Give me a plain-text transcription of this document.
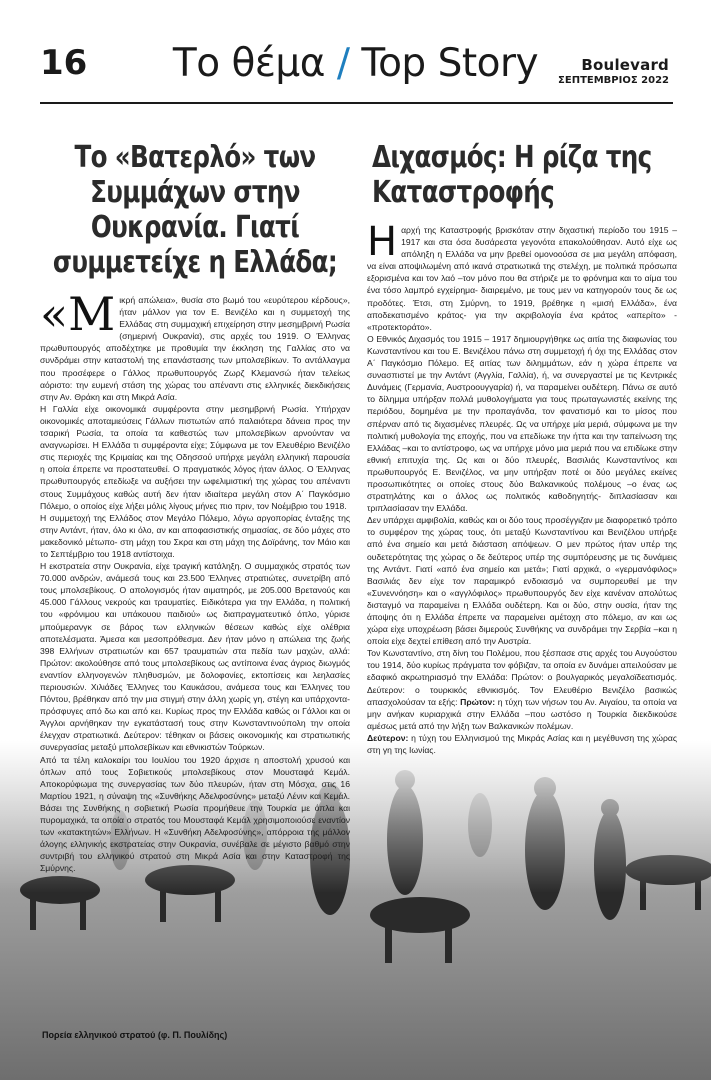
16	Το θέμα / Top Story	Boulevard
ΣΕΠΤΕΜΒΡΙΟΣ 2022
Πορεία ελληνικού στρατού (φ. Π. Πουλίδης)
Το «Βατερλό» των Συμμάχων στην Ουκρανία. Γιατί συμμετείχε η Ελλάδα;
«Μ ικρή απώλεια», θυσία στο βωμό του «ευρύτερου κέρδους», ήταν μάλλον για τον Ε. Βενιζέλο και η συμμετοχή της Ελλάδας στη συμμαχική επιχείρηση στην μεσημβρινή Ρωσία (σημερινή Ουκρανία), στις αρχές του 1919. Ο Έλληνας πρωθυπουργός αποδέχτηκε με προθυμία την έκκληση της Γαλλίας στο να συνδράμει στην καταστολή της επανάστασης των μπολσεβίκων. Το αντάλλαγμα που προσέφερε ο Γάλλος πρωθυπουργός Ζωρζ Κλεμανσώ ήταν τελείως αόριστο: την ευμενή στάση της χώρας του απέναντι στις ελληνικές διεκδικήσεις στην Αν. Θράκη και στη Μικρά Ασία.

Η Γαλλία είχε οικονομικά συμφέροντα στην μεσημβρινή Ρωσία. Υπήρχαν οικονομικές αποταμιεύσεις Γάλλων πιστωτών από παλαιότερα δάνεια προς την τσαρική Ρωσία, τα οποία τα καθεστώς των μπολσεβίκων αρνούνταν να αναγνωρίσει. Η Ελλάδα τι συμφέροντα είχε; Σύμφωνα με τον Ελευθέριο Βενιζέλο στις περιοχές της Κριμαίας και της Οδησσού υπήρχε μεγάλη ελληνική παρουσία η οποία έπρεπε να προστατευθεί. Ο πραγματικός λόγος ήταν άλλος. Ο Έλληνας πρωθυπουργός επεδίωξε να αυξήσει την ωφελιμιστική της χώρας του απέναντι στους Συμμάχους καθώς αυτή δεν ήταν ιδιαίτερα μεγάλη στον Α΄ Παγκόσμιο Πόλεμο, ο οποίος είχε λήξει μόλις λίγους μήνες πιο πριν, τον Νοέμβριο του 1918.

Η συμμετοχή της Ελλάδος στον Μεγάλο Πόλεμο, λόγω αργοπορίας ένταξης της στην Αντάντ, ήταν, όλο κι όλο, αν και αποφασιστικής σημασίας, σε δύο μάχες στο μακεδονικό μέτωπο- στη μάχη του Σκρα και στη μάχη της Δοϊράνης, τον Μάιο και το Σεπτέμβριο του 1918 αντίστοιχα.

Η εκστρατεία στην Ουκρανία, είχε τραγική κατάληξη. Ο συμμαχικός στρατός των 70.000 ανδρών, ανάμεσά τους και 23.500 Έλληνες στρατιώτες, συνετρίβη από τους μπολσεβίκους. Ο απολογισμός ήταν αιματηρός, με 205.000 Βρετανούς και 45.000 Γάλλους νεκρούς και τραυματίες. Ειδικότερα για την Ελλάδα, η πολιτική του «φρόνιμου και υπάκουου παιδιού» ως διαπραγματευτικό όπλο, γύρισε μπούμερανγκ σε βάρος των ελληνικών θέσεων καθώς είχε ολέθρια αποτελέσματα. Άμεσα και μεσοπρόθεσμα. Δεν ήταν μόνο η απώλεια της ζωής 398 Ελλήνων στρατιωτών και 657 τραυματιών στα πεδία των μαχών, αλλά: Πρώτον: ακολούθησε από τους μπολσεβίκους ως αντίποινα ένας άγριος διωγμός εναντίον ελληνογενών πληθυσμών, με δολοφονίες, εκτοπίσεις και λεηλασίες περιουσιών. Χιλιάδες Έλληνες του Καυκάσου, ανάμεσα τους και Έλληνες του Πόντου, βρέθηκαν από την μια στιγμή στην άλλη χωρίς γη, στέγη και υπάρχοντα- πρόσφυγες από δω και από κει. Κυρίως προς την Ελλάδα καθώς οι Γάλλοι και οι Άγγλοι αρνήθηκαν την εγκατάστασή τους στην Κωνσταντινούπολη την οποία έλεγχαν στρατιωτικά. Δεύτερον: τέθηκαν οι βάσεις οικονομικής και στρατιωτικής συνεργασίας μεταξύ μπολσεβίκων και εθνικιστών Τούρκων.

Από τα τέλη καλοκαίρι του Ιουλίου του 1920 άρχισε η αποστολή χρυσού και όπλων από τους Σοβιετικούς μπολσεβίκους στον Μουσταφά Κεμάλ. Αποκορύφωμα της συνεργασίας των δύο πλευρών, ήταν στη Μόσχα, στις 16 Μαρτίου 1921, η σύναψη της «Συνθήκης Αδελφοσύνης» μεταξύ Λένιν και Κεμάλ. Βάσει της Συνθήκης η σοβιετική Ρωσία προμήθευε την Τουρκία με όπλα και πυρομαχικά, τα οποία ο στρατός του Μουσταφά Κεμάλ χρησιμοποιούσε εναντίον των «κατακτητών» Ελλήνων. Η «Συνθήκη Αδελφοσύνης», απόρροια της μάλλον άλογης ελληνικής εκστρατείας στην Ουκρανία, συνέβαλε σε μέγιστο βαθμό στην συντριβή του ελληνικού στρατού στη Μικρά Ασία και στην Καταστροφή της Σμύρνης.

Διχασμός: Η ρίζα της Καταστροφής
Η αρχή της Καταστροφής βρισκόταν στην διχαστική περίοδο του 1915 – 1917 και στα όσα δυσάρεστα γεγονότα επακολούθησαν. Αυτό είχε ως απόληξη η Ελλάδα να μην βρεθεί ομονοούσα σε μια μεγάλη απόφαση, να είναι αποψιλωμένη από ικανά στρατιωτικά της στελέχη, με πολιτικά πρόσωπα εξορισμένα και τον λαό –τον μόνο που θα στήριζε με το φρόνημα και το αίμα του ένα τόσο λαμπρό εγχείρημα- διαιρεμένο, με τους μεν να κατηγορούν τους δε ως προδότες. Έτσι, στη Σμύρνη, το 1919, βρέθηκε η «μισή Ελλάδα», ένα αποδεκατισμένο κράτος- για την ακριβολογία ένα κράτος «απερίτο» - «προτεκτοράτο».

Ο Εθνικός Διχασμός του 1915 – 1917 δημιουργήθηκε ως αιτία της διαφωνίας του Κωνσταντίνου και του Ε. Βενιζέλου πάνω στη συμμετοχή ή όχι της Ελλάδας στον Α΄ Παγκόσμιο Πόλεμο. Εξ αιτίας των διλημμάτων, εάν η χώρα έπρεπε να συνασπιστεί με την Αντάντ (Αγγλία, Γαλλία), ή, να συνεργαστεί με τις Κεντρικές Δυνάμεις (Γερμανία, Αυστροουγγαρία) ή, να παραμείνει ουδέτερη. Πάνω σε αυτό το δίλημμα υπήρξαν πολλά μυθολογήματα για τους πρωταγωνιστές εκείνης της περιόδου, δομημένα με την προπαγάνδα, τον φανατισμό και το μίσος που σπέρναν από τις διχασμένες πλευρές. Ως να υπήρχε μία μεριά, σύμφωνα με την πολιτική μυθολογία της εποχής, που να επεδίωκε την ήττα και την ταπείνωση της Ελλάδας –και το αντίστροφο, ως να υπήρχε μόνο μια μεριά που να επιδίωκε στην εθνική επιτυχία της. Ως και οι δύο πλευρές, Βασιλιάς Κωνσταντίνος και πρωθυπουργός Ε. Βενιζέλος, να μην υπήρξαν ποτέ οι δύο μεγάλες εκείνες προσωπικότητες οι οποίες στους δύο Βαλκανικούς πολέμους –ο ένας ως στρατηλάτης και ο άλλος ως πολιτικός καθοδηγητής- διπλασίασαν και τριπλασίασαν την Ελλάδα.

Δεν υπάρχει αμφιβολία, καθώς και οι δύο τους προσέγγιζαν με διαφορετικό τρόπο το συμφέρον της χώρας τους, ότι μεταξύ Κωνσταντίνου και Βενιζέλου υπήρξε από ένα σημείο και μετά διάσταση απόψεων. Ο μεν πρώτος ήταν υπέρ της ουδετερότητας της χώρας ο δε δεύτερος υπέρ της συμπόρευσης με τις δυνάμεις της Αντάντ. Γιατί «από ένα σημείο και μετά»; Γιατί αρχικά, ο «γερμανόφιλος» Βασιλιάς δεν είχε τον παραμικρό ενδοιασμό να συμπορευθεί με την «Συνεννόηση» και ο «αγγλόφιλος» πρωθυπουργός δεν είχε κανέναν απολύτως δισταγμό να παραμείνει η Ελλάδα ουδέτερη. Και οι δύο, στην ουσία, ήταν της άποψης ότι η Ελλάδα έπρεπε να παραμείνει αμέτοχη στο πόλεμο, αν και ως χώρα είχε υποχρέωση βάσει διμερούς Συνθήκης να συνδράμει την Σερβία –και η οποία είχε δεχτεί επίθεση από την Αυστρία.

Τον Κωνσταντίνο, στη δίνη του Πολέμου, που ξέσπασε στις αρχές του Αυγούστου του 1914, δύο κυρίως πράγματα τον φόβιζαν, τα οποία εν δυνάμει απειλούσαν με εδαφικό ακρωτηριασμό την Ελλάδα: Πρώτον: ο βουλγαρικός μεγαλοϊδεατισμός. Δεύτερον: ο τουρκικός εθνικισμός. Τον Ελευθέριο Βενιζέλο βασικώς απασχολούσαν τα εξής: Πρώτον: η τύχη των νήσων του Αν. Αιγαίου, τα οποία να μην ανήκαν κυριαρχικά στην Ελλάδα –που ωστόσο η Τουρκία διεκδικούσε αμέσως μετά από την λήξη των Βαλκανικών πολέμων.

Δεύτερον: η τύχη του Ελληνισμού της Μικράς Ασίας και η μεγέθυνση της χώρας στη γη της Ιωνίας.
